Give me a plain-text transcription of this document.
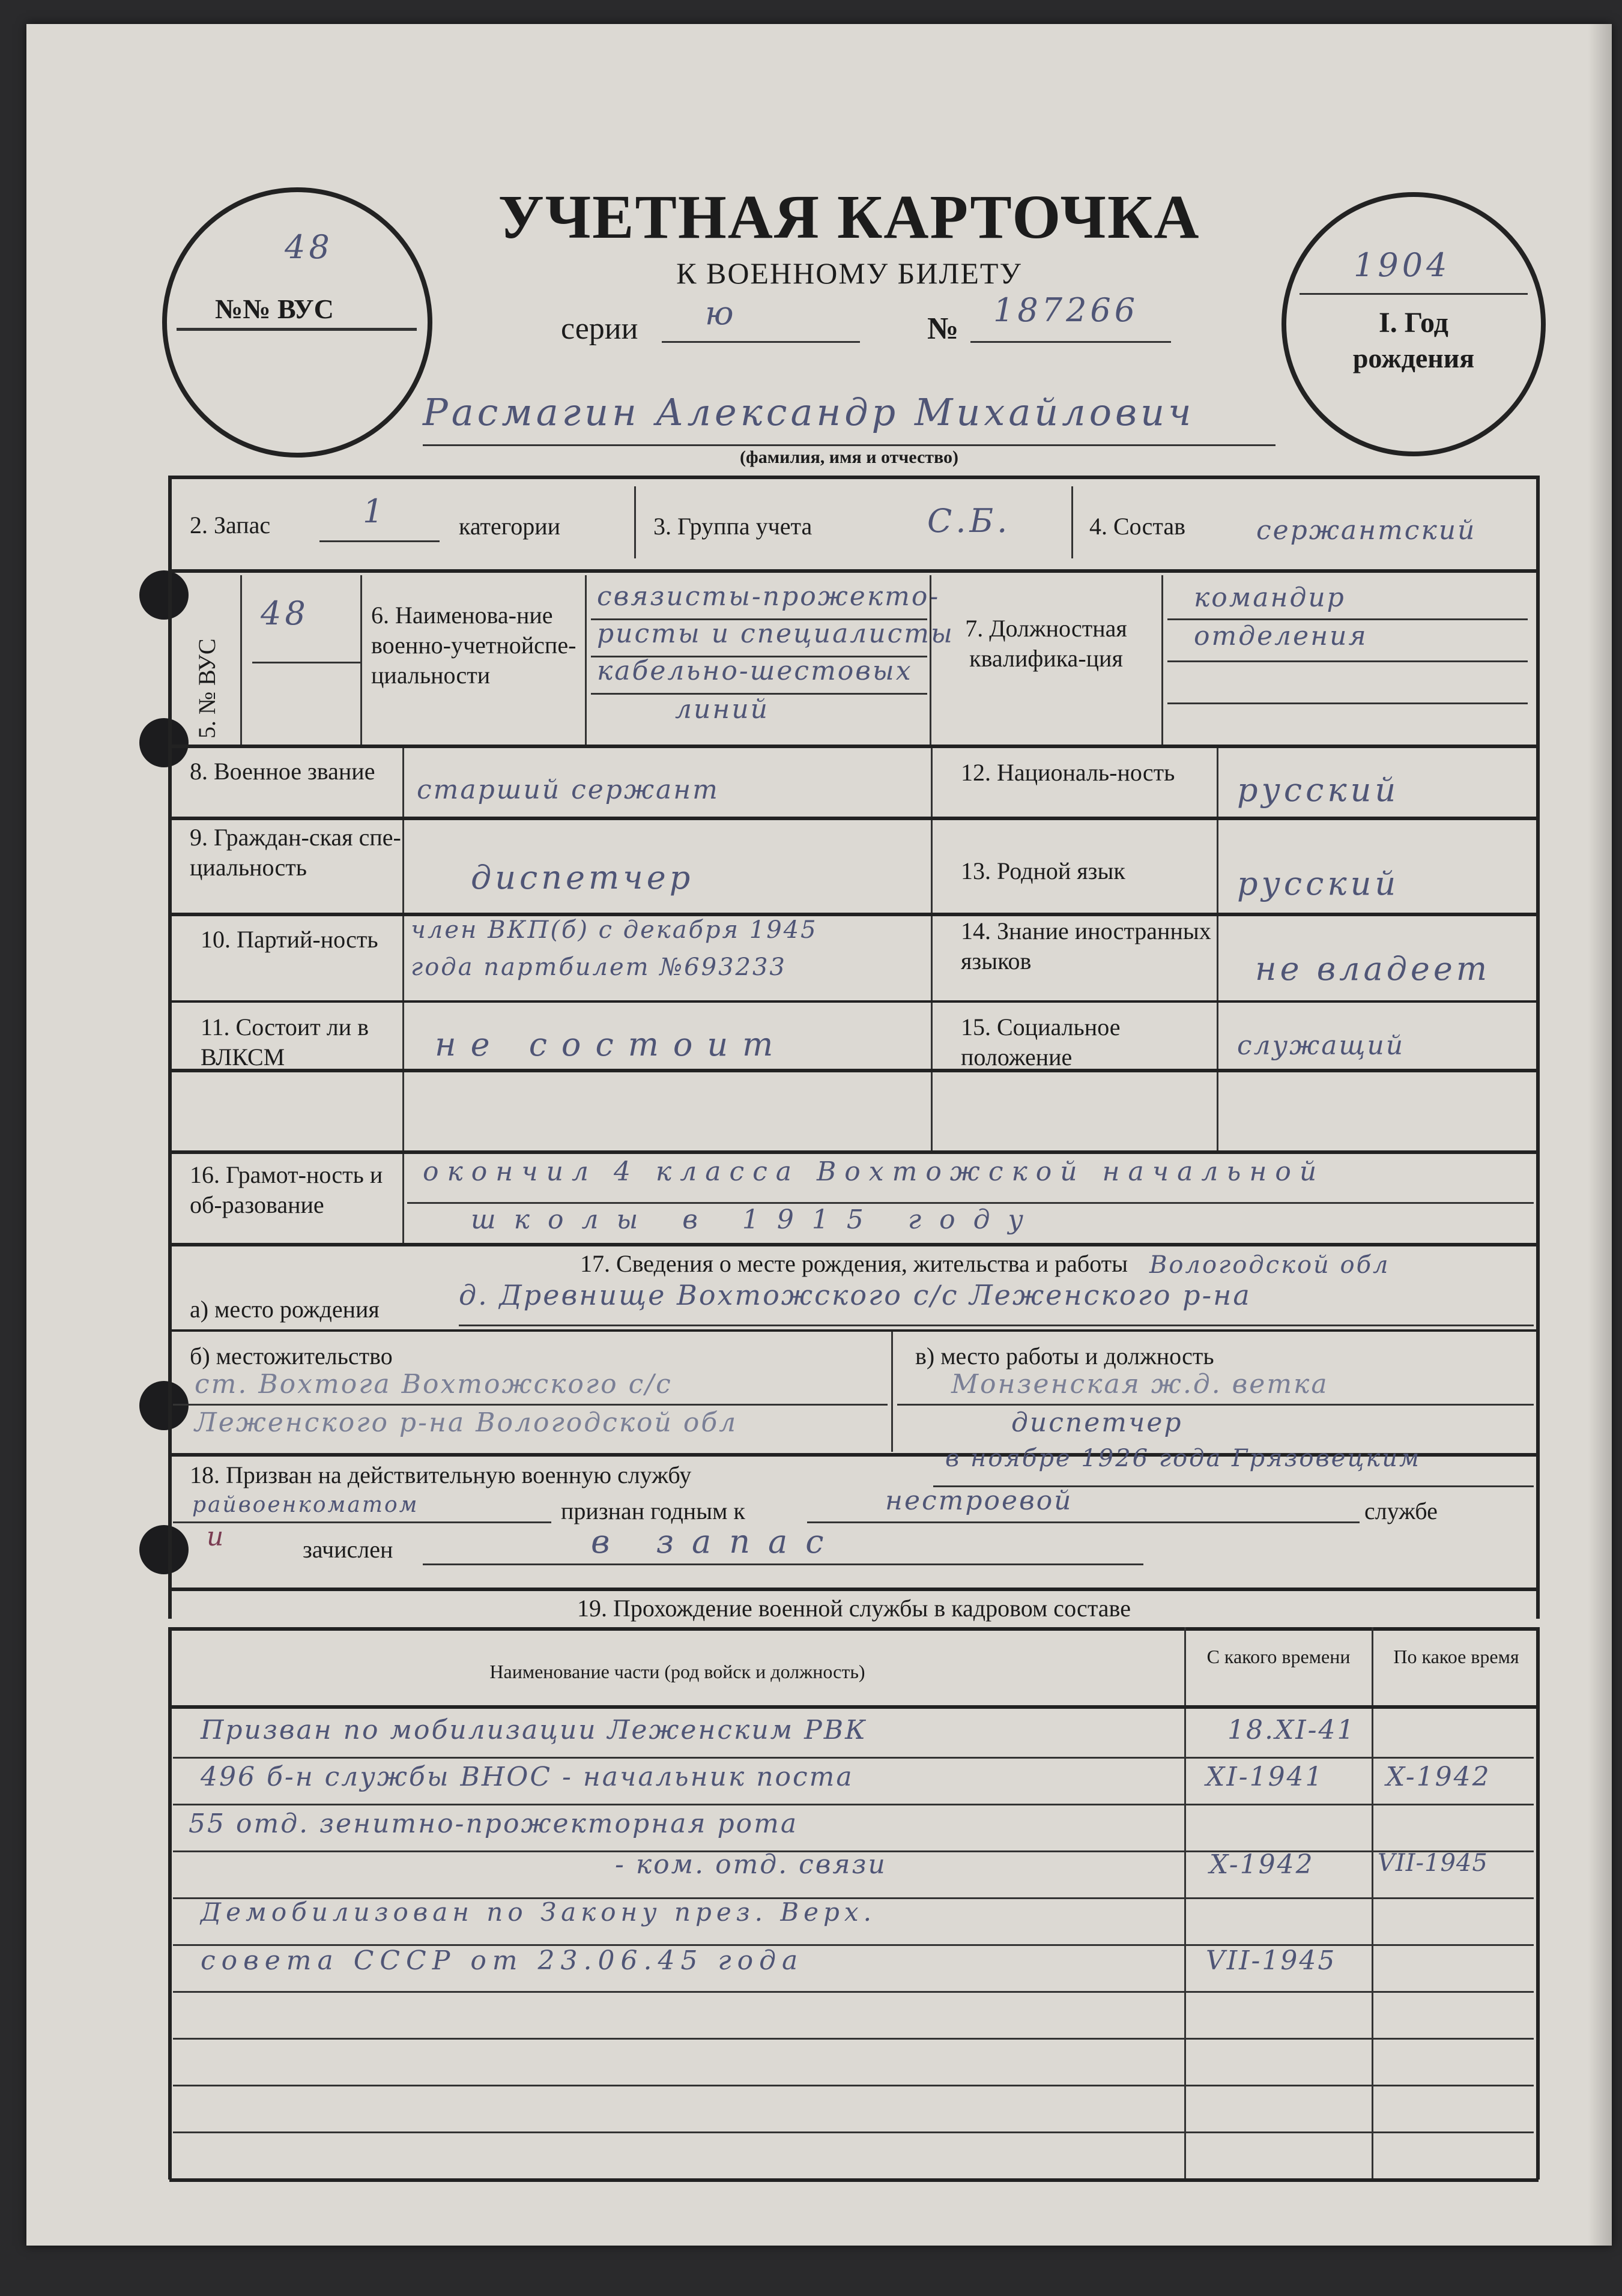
48
№№ ВУС
1904
I. Год
рождения
УЧЕТНАЯ КАРТОЧКА
К ВОЕННОМУ БИЛЕТУ
серии ю	№ 187266
Расмагин Александр Михайлович
(фамилия, имя и отчество)
2. Запас	1	категории	3. Группа учета	С.Б.	4. Состав	сержантский
5. № ВУС
48	6. Наименова-ние военно-учетнойспе-циальности
связисты-прожекто-
ристы и специалисты
кабельно-шестовых
линий
7. Должностная квалифика-ция
командир
отделения
8. Военное звание
старший сержант
12. Националь-ность	русский
9. Граждан-ская спе-циальность	диспетчер	13. Родной язык	русский
10. Партий-ность	член ВКП(б) с декабря 1945
года партбилет №693233
14. Знание иностранных языков	не владеет
11. Состоит ли в ВЛКСМ	не состоит	15. Социальное положение	служащий
16. Грамот-ность и об-разование
окончил 4 класса Вохтожской начальной
школы в 1915 году
17. Сведения о месте рождения, жительства и работы
а) место рождения	д. Древнище Вохтожского с/с Леженского р-на
Вологодской обл
б) местожительство	в) место работы и должность
ст. Вохтога Вохтожского с/с
Леженского р-на Вологодской обл
Монзенская ж.д. ветка
диспетчер
18. Призван на действительную военную службу
в ноябре 1926 года Грязовецким
райвоенкоматом	признан годным к	нестроевой	службе
и	зачислен	в запас
19. Прохождение военной службы в кадровом составе
Наименование части (род войск и должность)
С какого времени	По какое время
Призван по мобилизации Леженским РВК	18.XI-41
496 б-н службы ВНОС - начальник поста	XI-1941 X-1942
55 отд. зенитно-прожекторная рота
- ком. отд. связи	X-1942	VII-1945
Демобилизован по Закону през. Верх.
совета СССР от 23.06.45 года	VII-1945
